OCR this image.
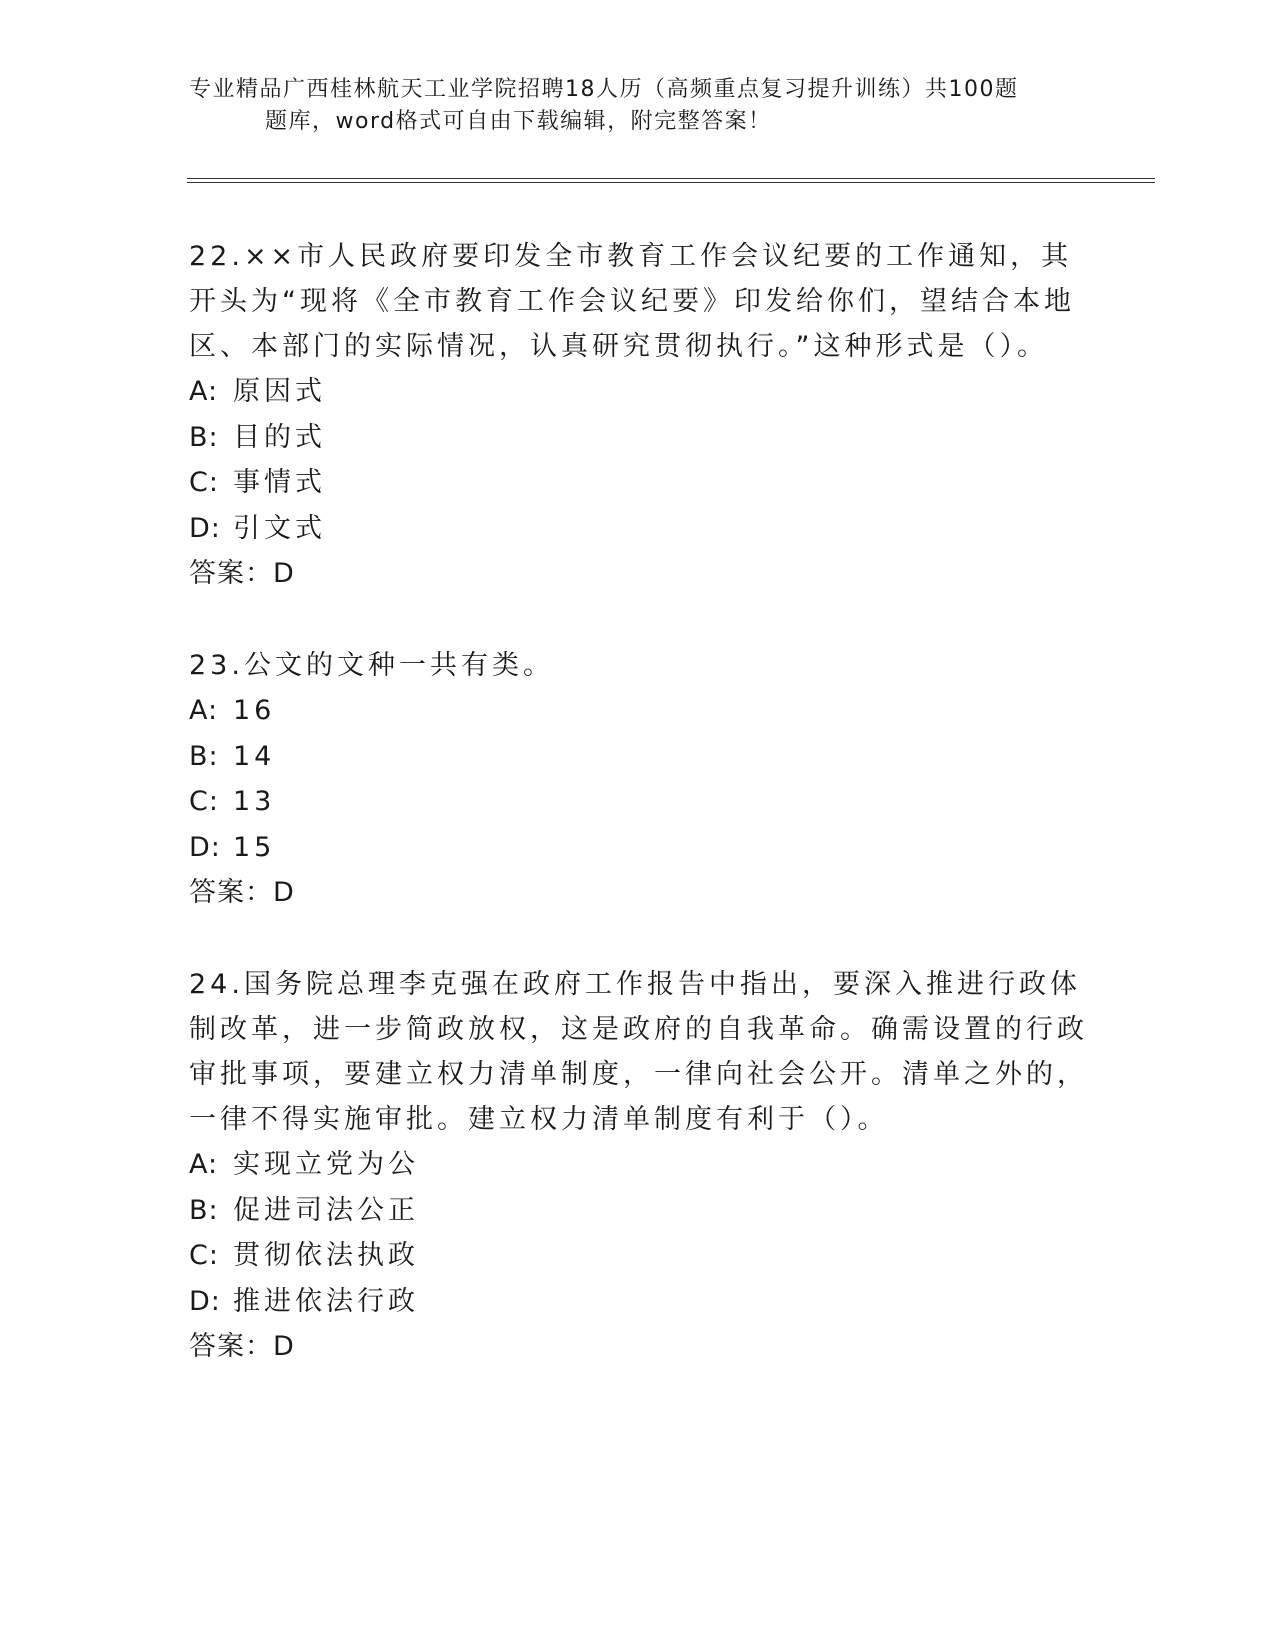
专业精品广西桂林航天工业学院招聘18人历（高频重点复习提升训练）共100题
题库，word格式可自由下载编辑，附完整答案！

22.××市人民政府要印发全市教育工作会议纪要的工作通知，其开头为“现将《全市教育工作会议纪要》印发给你们，望结合本地区、本部门的实际情况，认真研究贯彻执行。”这种形式是（）。

A: 原因式

B: 目的式

C: 事情式

D: 引文式

答案：D

23.公文的文种一共有类。

A: 16

B: 14

C: 13

D: 15

答案：D

24.国务院总理李克强在政府工作报告中指出，要深入推进行政体制改革，进一步简政放权，这是政府的自我革命。确需设置的行政审批事项，要建立权力清单制度，一律向社会公开。清单之外的，一律不得实施审批。建立权力清单制度有利于（）。

A: 实现立党为公

B: 促进司法公正

C: 贯彻依法执政

D: 推进依法行政

答案：D
